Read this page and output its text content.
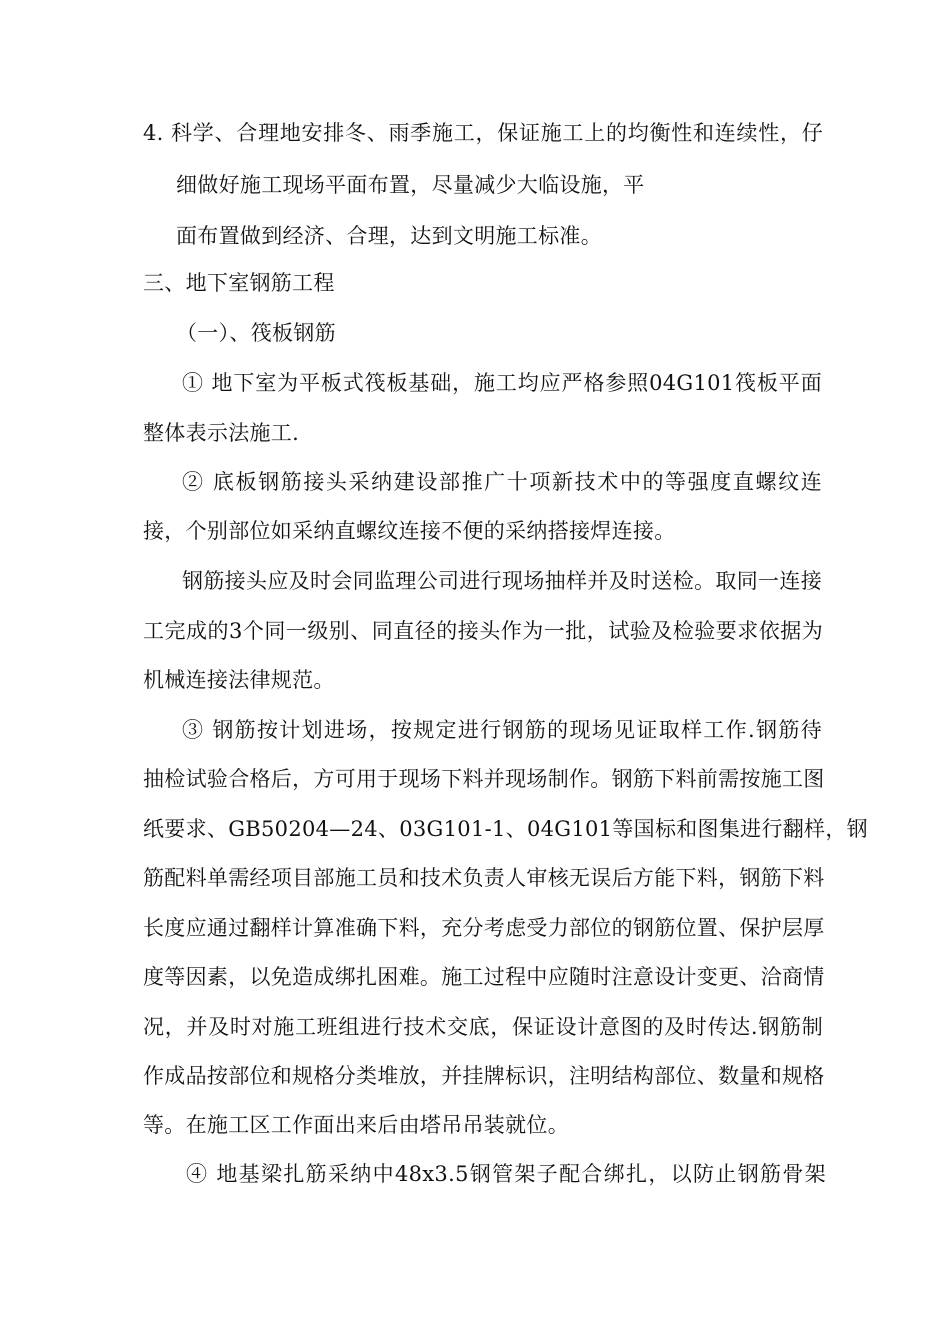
4. 科学、合理地安排冬、雨季施工，保证施工上的均衡性和连续性，仔
细做好施工现场平面布置，尽量减少大临设施，平
面布置做到经济、合理，达到文明施工标准。
三、地下室钢筋工程
（一）、筏板钢筋
① 地下室为平板式筏板基础，施工均应严格参照04G101筏板平面
整体表示法施工.
② 底板钢筋接头采纳建设部推广十项新技术中的等强度直螺纹连
接，个别部位如采纳直螺纹连接不便的采纳搭接焊连接。
钢筋接头应及时会同监理公司进行现场抽样并及时送检。取同一连接
工完成的3个同一级别、同直径的接头作为一批，试验及检验要求依据为
机械连接法律规范。
③ 钢筋按计划进场，按规定进行钢筋的现场见证取样工作.钢筋待
抽检试验合格后，方可用于现场下料并现场制作。钢筋下料前需按施工图
纸要求、GB50204—24、03G101-1、04G101等国标和图集进行翻样，钢
筋配料单需经项目部施工员和技术负责人审核无误后方能下料，钢筋下料
长度应通过翻样计算准确下料，充分考虑受力部位的钢筋位置、保护层厚
度等因素，以免造成绑扎困难。施工过程中应随时注意设计变更、洽商情
况，并及时对施工班组进行技术交底，保证设计意图的及时传达.钢筋制
作成品按部位和规格分类堆放，并挂牌标识，注明结构部位、数量和规格
等。在施工区工作面出来后由塔吊吊装就位。
④ 地基梁扎筋采纳中48x3.5钢管架子配合绑扎，以防止钢筋骨架
